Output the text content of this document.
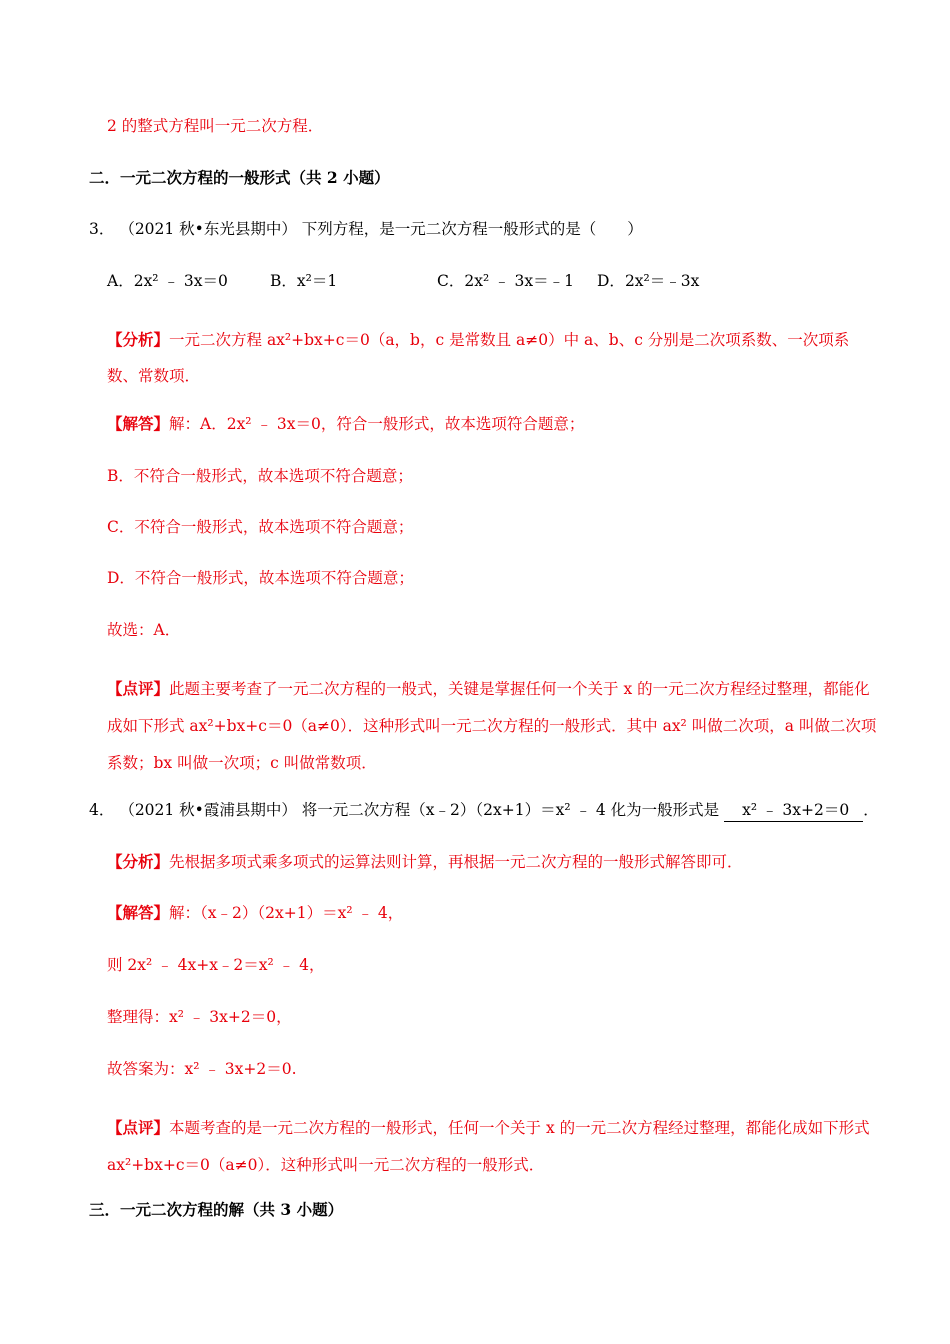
2 的整式方程叫一元二次方程．
二．一元二次方程的一般形式（共 2 小题）
3． （2021 秋•东光县期中） 下列方程，是一元二次方程一般形式的是（　　）
A．2x² ﹣ 3x＝0	B．x²＝1	C．2x² ﹣ 3x＝﹣1 D．2x²＝﹣3x
【分析】一元二次方程 ax²+bx+c＝0（a，b，c 是常数且 a≠0）中 a、b、c 分别是二次项系数、一次项系数、常数项．
【解答】解：A．2x² ﹣ 3x＝0，符合一般形式，故本选项符合题意；
B．不符合一般形式，故本选项不符合题意；
C．不符合一般形式，故本选项不符合题意；
D．不符合一般形式，故本选项不符合题意；
故选：A．
【点评】此题主要考查了一元二次方程的一般式，关键是掌握任何一个关于 x 的一元二次方程经过整理，都能化成如下形式 ax²+bx+c＝0（a≠0）．这种形式叫一元二次方程的一般形式．其中 ax² 叫做二次项，a 叫做二次项系数；bx 叫做一次项；c 叫做常数项．
4． （2021 秋•霞浦县期中） 将一元二次方程（x﹣2）（2x+1）＝x² ﹣ 4 化为一般形式是 x² ﹣ 3x+2＝0 ．
【分析】先根据多项式乘多项式的运算法则计算，再根据一元二次方程的一般形式解答即可．
【解答】解：（x﹣2）（2x+1）＝x² ﹣ 4，
则 2x² ﹣ 4x+x﹣2＝x² ﹣ 4，
整理得：x² ﹣ 3x+2＝0，
故答案为：x² ﹣ 3x+2＝0.
【点评】本题考查的是一元二次方程的一般形式，任何一个关于 x 的一元二次方程经过整理，都能化成如下形式 ax²+bx+c＝0（a≠0）．这种形式叫一元二次方程的一般形式．
三．一元二次方程的解（共 3 小题）
